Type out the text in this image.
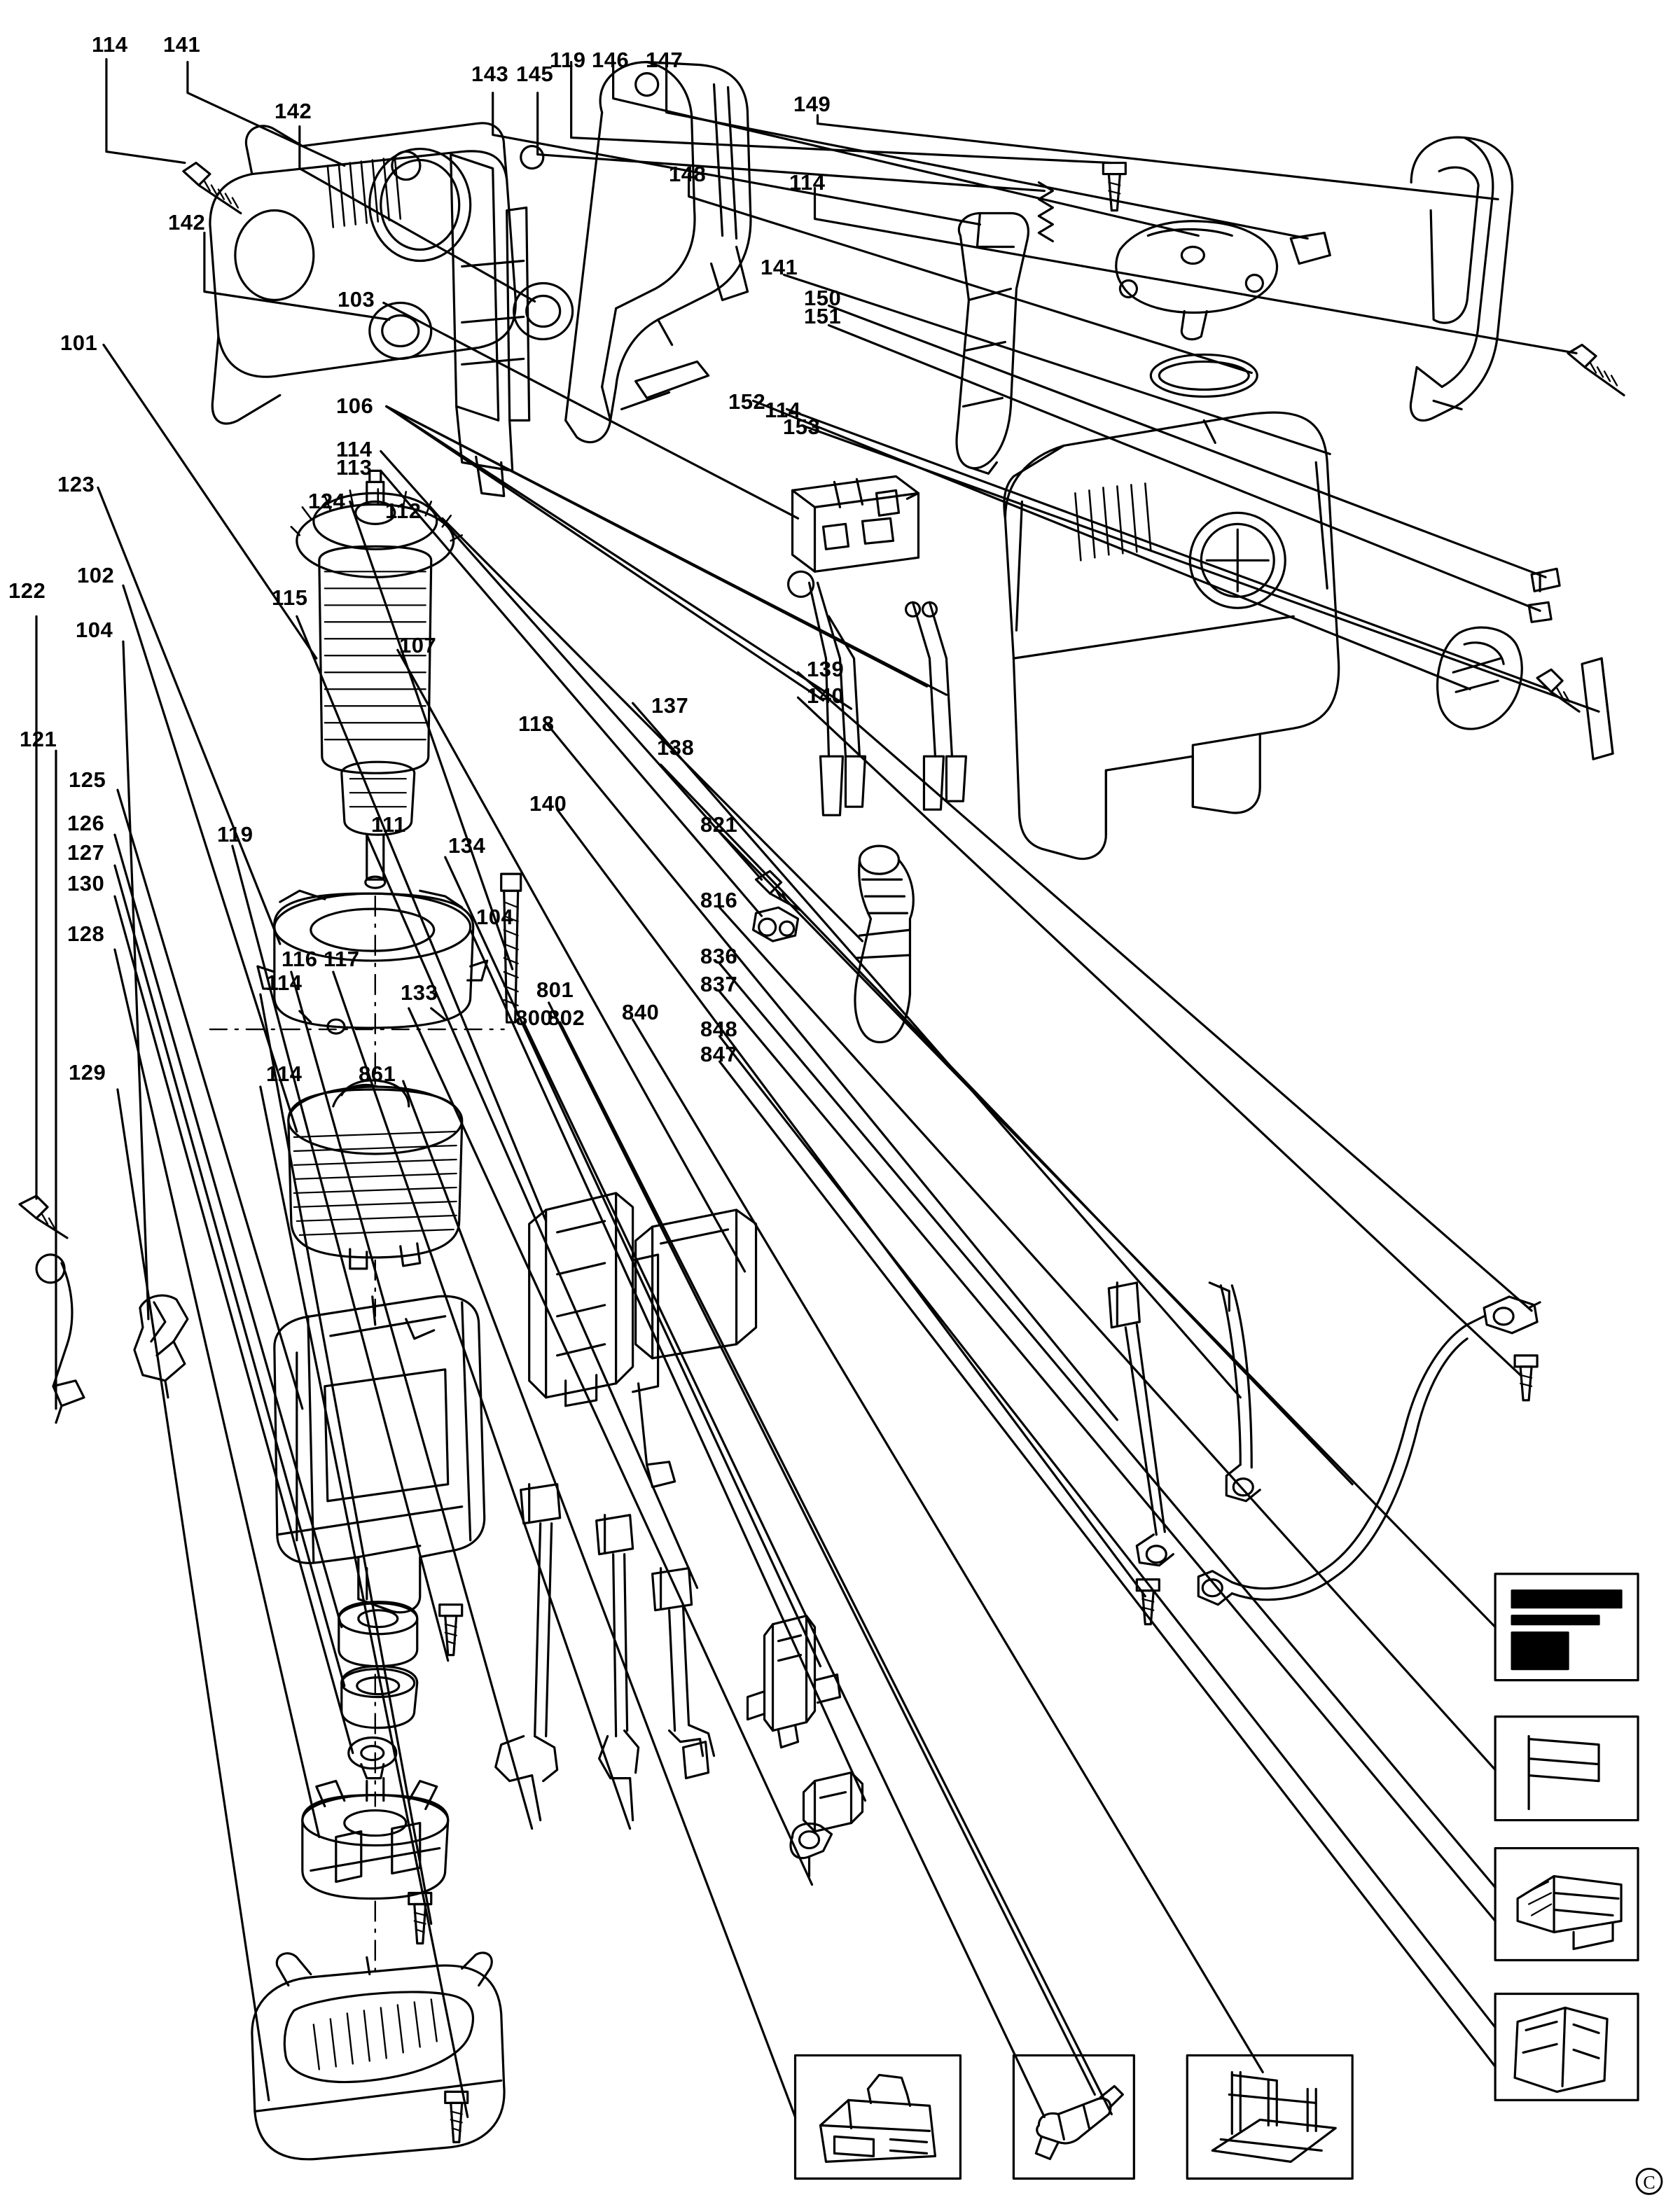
C
114 141
142
142
143 145
119 146 147
149
114
148
141
150
151
152
114
153
103
101
106
114
113
112
123
124
102
122
104
121
115
107
125
126
127
130
128
119	111
134
104
116 117
133
114
129	114
118
137
139
140
138
140
821
816
836
837
848
847
861
800
801
802 840
